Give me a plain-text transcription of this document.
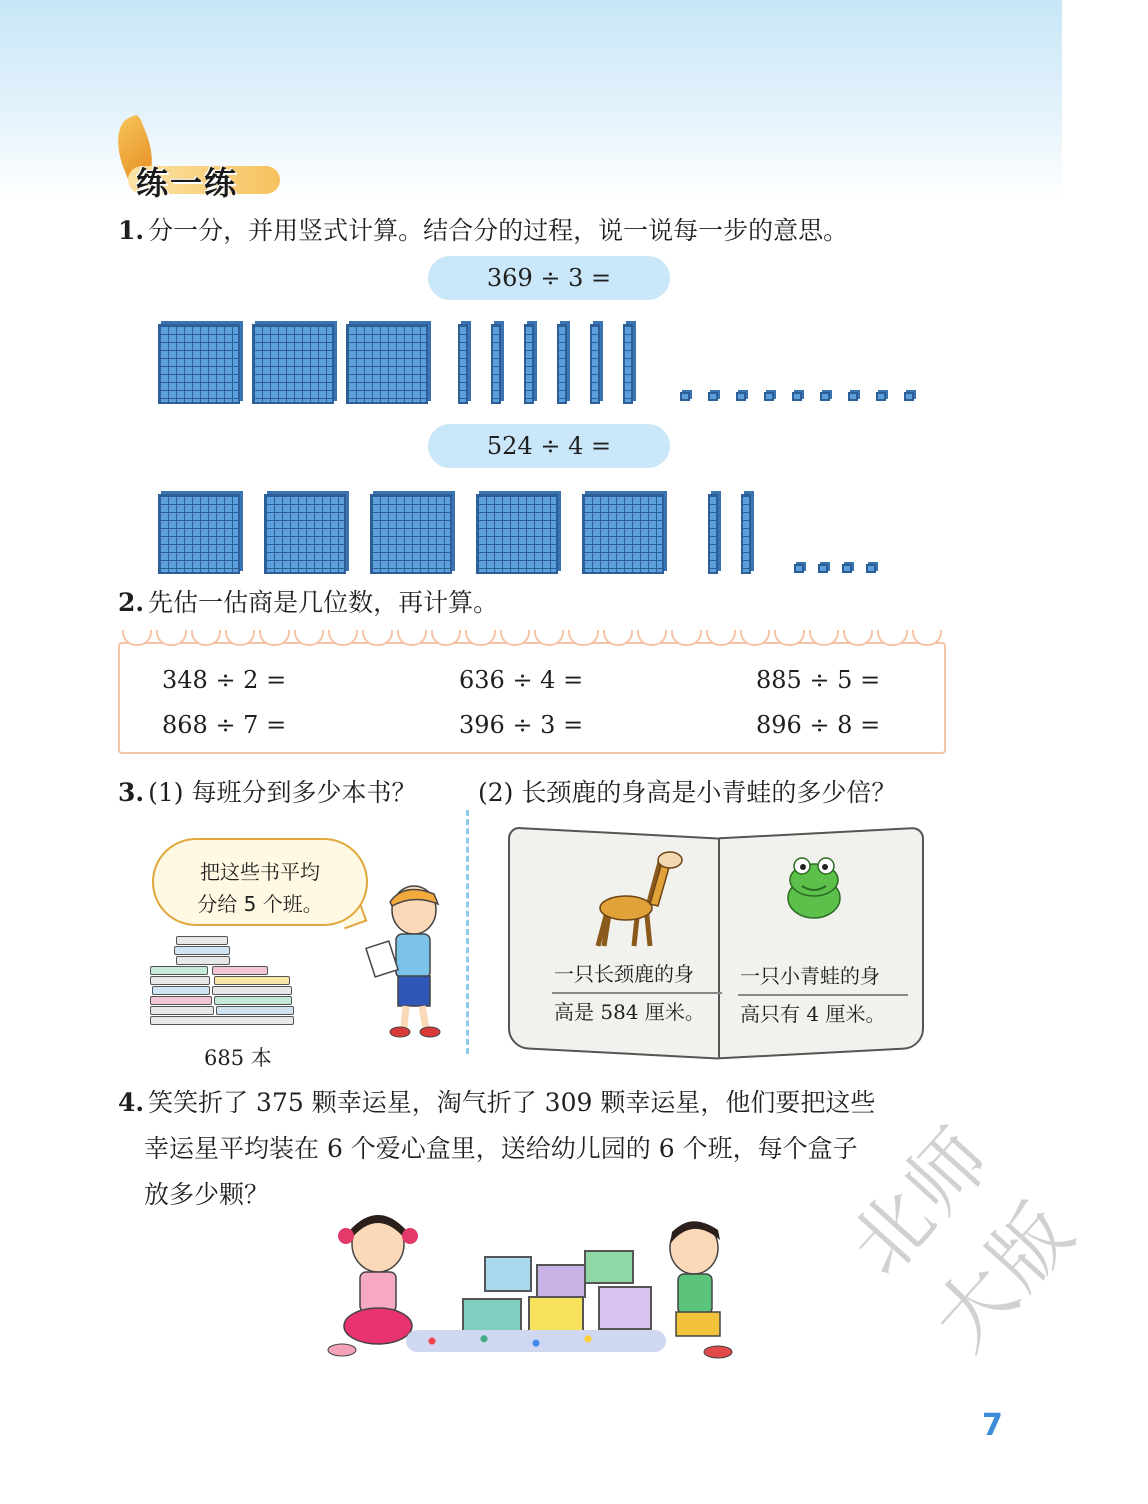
练一练
1. 分一分，并用竖式计算。结合分的过程，说一说每一步的意思。
369 ÷ 3 =
524 ÷ 4 =
2. 先估一估商是几位数，再计算。
348 ÷ 2 =	636 ÷ 4 =	885 ÷ 5 =
868 ÷ 7 =	396 ÷ 3 =	896 ÷ 8 =
3. (1) 每班分到多少本书？ (2) 长颈鹿的身高是小青蛙的多少倍？
把这些书平均
分给 5 个班。
685 本
一只长颈鹿的身
高是 584 厘米。
一只小青蛙的身
高只有 4 厘米。
4. 笑笑折了 375 颗幸运星，淘气折了 309 颗幸运星，他们要把这些
幸运星平均装在 6 个爱心盒里，送给幼儿园的 6 个班，每个盒子
放多少颗？	北师大版
7
